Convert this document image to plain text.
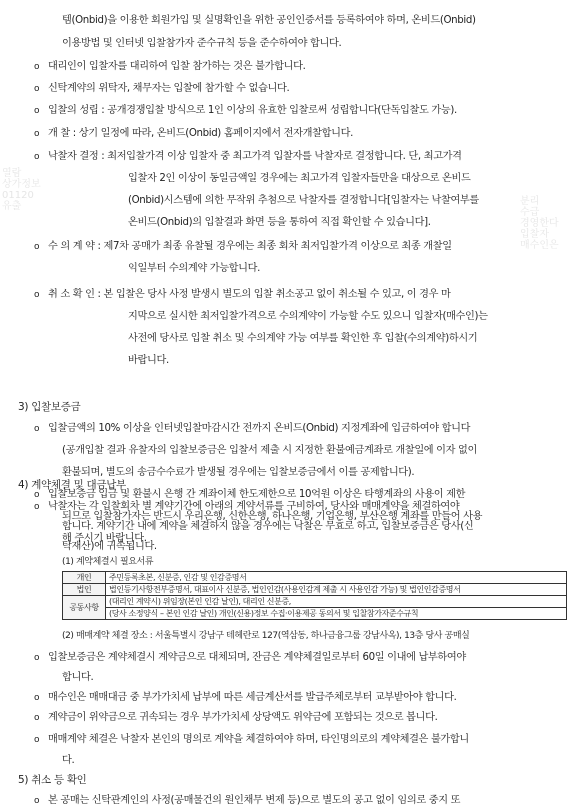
열람
상가정보
01120
유출	분리
수급
경영한다
입찰자
매수인은
템(Onbid)을 이용한 회원가입 및 실명확인을 위한 공인인증서를 등록하여야 하며, 온비드(Onbid)
이용방법 및 인터넷 입찰참가자 준수규칙 등을 준수하여야 합니다.
o 대리인이 입찰자를 대리하여 입찰 참가하는 것은 불가합니다.
o 신탁계약의 위탁자, 채무자는 입찰에 참가할 수 없습니다.
o 입찰의 성립 : 공개경쟁입찰 방식으로 1인 이상의 유효한 입찰로써 성립합니다(단독입찰도 가능).
o 개 찰 : 상기 일정에 따라, 온비드(Onbid) 홈페이지에서 전자개찰합니다.
o 낙찰자 결정 : 최저입찰가격 이상 입찰자 중 최고가격 입찰자를 낙찰자로 결정합니다. 단, 최고가격
입찰자 2인 이상이 동일금액일 경우에는 최고가격 입찰자들만을 대상으로 온비드
(Onbid)시스템에 의한 무작위 추첨으로 낙찰자를 결정합니다[입찰자는 낙찰여부를
온비드(Onbid)의 입찰결과 화면 등을 통하여 직접 확인할 수 있습니다].
o 수 의 계 약 : 제7차 공매가 최종 유찰될 경우에는 최종 회차 최저입찰가격 이상으로 최종 개찰일
익일부터 수의계약 가능합니다.
o 취 소 확 인 : 본 입찰은 당사 사정 발생시 별도의 입찰 취소공고 없이 취소될 수 있고, 이 경우 마
지막으로 실시한 최저입찰가격으로 수의계약이 가능할 수도 있으니 입찰자(매수인)는
사전에 당사로 입찰 취소 및 수의계약 가능 여부를 확인한 후 입찰(수의계약)하시기
바랍니다.
3) 입찰보증금
o 입찰금액의 10% 이상을 인터넷입찰마감시간 전까지 온비드(Onbid) 지정계좌에 입금하여야 합니다
(공개입찰 결과 유찰자의 입찰보증금은 입찰서 제출 시 지정한 환불예금계좌로 개찰일에 이자 없이
환불되며, 별도의 송금수수료가 발생될 경우에는 입찰보증금에서 이를 공제합니다).
o 입찰보증금 입금 및 환불시 은행 간 계좌이체 한도제한으로 10억원 이상은 타행계좌의 사용이 제한
되므로 입찰참가자는 반드시 우리은행, 신한은행, 하나은행, 기업은행, 부산은행 계좌를 만들어 사용
해 주시기 바랍니다.
4) 계약체결 및 대금납부
o 낙찰자는 각 입찰회차 별 계약기간에 아래의 계약서류를 구비하여, 당사와 매매계약을 체결하여야
합니다. 계약기간 내에 계약을 체결하지 않을 경우에는 낙찰은 무효로 하고, 입찰보증금은 당사(신
탁재산)에 귀속됩니다.
(1) 계약체결시 필요서류
개인	주민등록초본, 신분증, 인감 및 인감증명서
법인	법인등기사항전부증명서, 대표이사 신분증, 법인인감(사용인감계 제출 시 사용인감 가능) 및 법인인감증명서
공동사항	(대리인 계약시) 위임장(본인 인감 날인), 대리인 신분증,
	(당사 소정양식 – 본인 인감 날인) 개인(신용)정보 수집·이용제공 동의서 및 입찰참가자준수규칙
(2) 매매계약 체결 장소 : 서울특별시 강남구 테헤란로 127(역삼동, 하나금융그룹 강남사옥), 13층 당사 공매실
o 입찰보증금은 계약체결시 계약금으로 대체되며, 잔금은 계약체결일로부터 60일 이내에 납부하여야
합니다.
o 매수인은 매매대금 중 부가가치세 납부에 따른 세금계산서를 발급주체로부터 교부받아야 합니다.
o 계약금이 위약금으로 귀속되는 경우 부가가치세 상당액도 위약금에 포함되는 것으로 봅니다.
o 매매계약 체결은 낙찰자 본인의 명의로 계약을 체결하여야 하며, 타인명의로의 계약체결은 불가합니
다.
5) 취소 등 확인
o 본 공매는 신탁관계인의 사정(공매물건의 원인채무 변제 등)으로 별도의 공고 없이 임의로 중지 또
